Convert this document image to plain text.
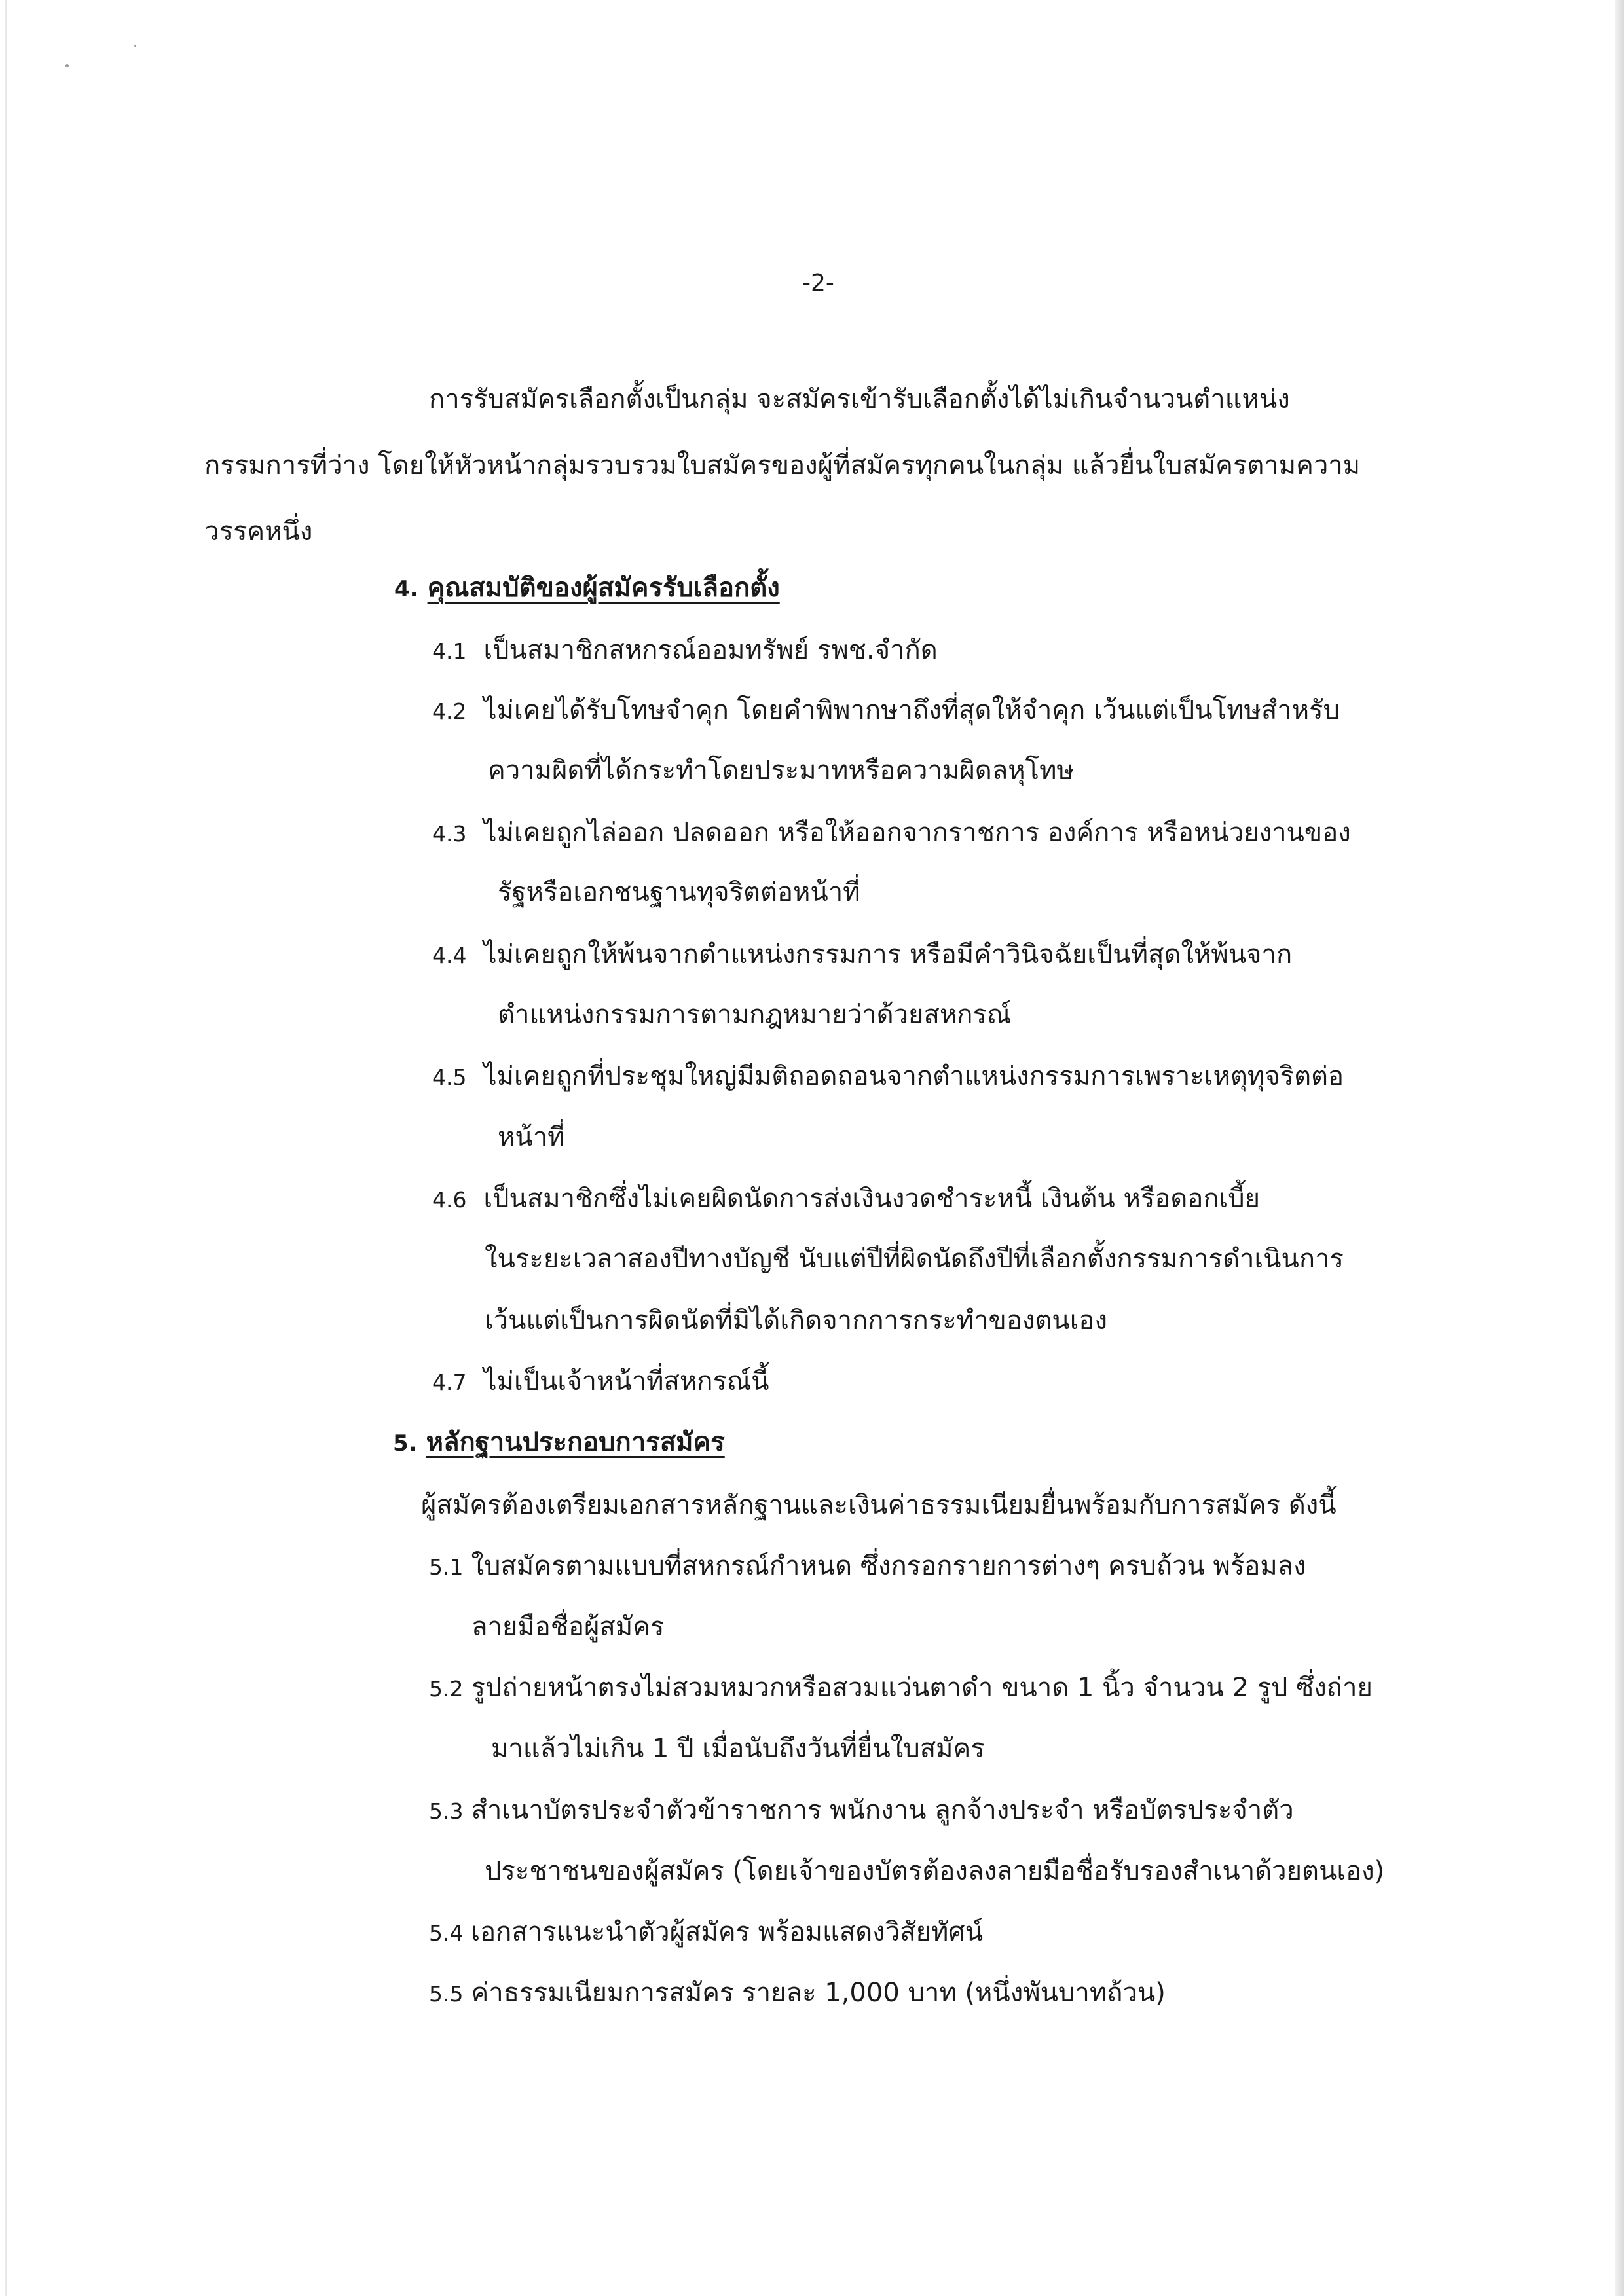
-2-
การรับสมัครเลือกตั้งเป็นกลุ่ม จะสมัครเข้ารับเลือกตั้งได้ไม่เกินจำนวนตำแหน่ง
กรรมการที่ว่าง โดยให้หัวหน้ากลุ่มรวบรวมใบสมัครของผู้ที่สมัครทุกคนในกลุ่ม แล้วยื่นใบสมัครตามความ
วรรคหนึ่ง
4. คุณสมบัติของผู้สมัครรับเลือกตั้ง
4.1 เป็นสมาชิกสหกรณ์ออมทรัพย์ รพช.จำกัด
4.2 ไม่เคยได้รับโทษจำคุก โดยคำพิพากษาถึงที่สุดให้จำคุก เว้นแต่เป็นโทษสำหรับ
ความผิดที่ได้กระทำโดยประมาทหรือความผิดลหุโทษ
4.3 ไม่เคยถูกไล่ออก ปลดออก หรือให้ออกจากราชการ องค์การ หรือหน่วยงานของ
รัฐหรือเอกชนฐานทุจริตต่อหน้าที่
4.4 ไม่เคยถูกให้พ้นจากตำแหน่งกรรมการ หรือมีคำวินิจฉัยเป็นที่สุดให้พ้นจาก
ตำแหน่งกรรมการตามกฎหมายว่าด้วยสหกรณ์
4.5 ไม่เคยถูกที่ประชุมใหญ่มีมติถอดถอนจากตำแหน่งกรรมการเพราะเหตุทุจริตต่อ
หน้าที่
4.6 เป็นสมาชิกซึ่งไม่เคยผิดนัดการส่งเงินงวดชำระหนี้ เงินต้น หรือดอกเบี้ย
ในระยะเวลาสองปีทางบัญชี นับแต่ปีที่ผิดนัดถึงปีที่เลือกตั้งกรรมการดำเนินการ
เว้นแต่เป็นการผิดนัดที่มิได้เกิดจากการกระทำของตนเอง
4.7 ไม่เป็นเจ้าหน้าที่สหกรณ์นี้
5. หลักฐานประกอบการสมัคร
ผู้สมัครต้องเตรียมเอกสารหลักฐานและเงินค่าธรรมเนียมยื่นพร้อมกับการสมัคร ดังนี้
5.1 ใบสมัครตามแบบที่สหกรณ์กำหนด ซึ่งกรอกรายการต่างๆ ครบถ้วน พร้อมลง
ลายมือชื่อผู้สมัคร
5.2 รูปถ่ายหน้าตรงไม่สวมหมวกหรือสวมแว่นตาดำ ขนาด 1 นิ้ว จำนวน 2 รูป ซึ่งถ่าย
มาแล้วไม่เกิน 1 ปี เมื่อนับถึงวันที่ยื่นใบสมัคร
5.3 สำเนาบัตรประจำตัวข้าราชการ พนักงาน ลูกจ้างประจำ หรือบัตรประจำตัว
ประชาชนของผู้สมัคร (โดยเจ้าของบัตรต้องลงลายมือชื่อรับรองสำเนาด้วยตนเอง)
5.4 เอกสารแนะนำตัวผู้สมัคร พร้อมแสดงวิสัยทัศน์
5.5 ค่าธรรมเนียมการสมัคร รายละ 1,000 บาท (หนึ่งพันบาทถ้วน)
